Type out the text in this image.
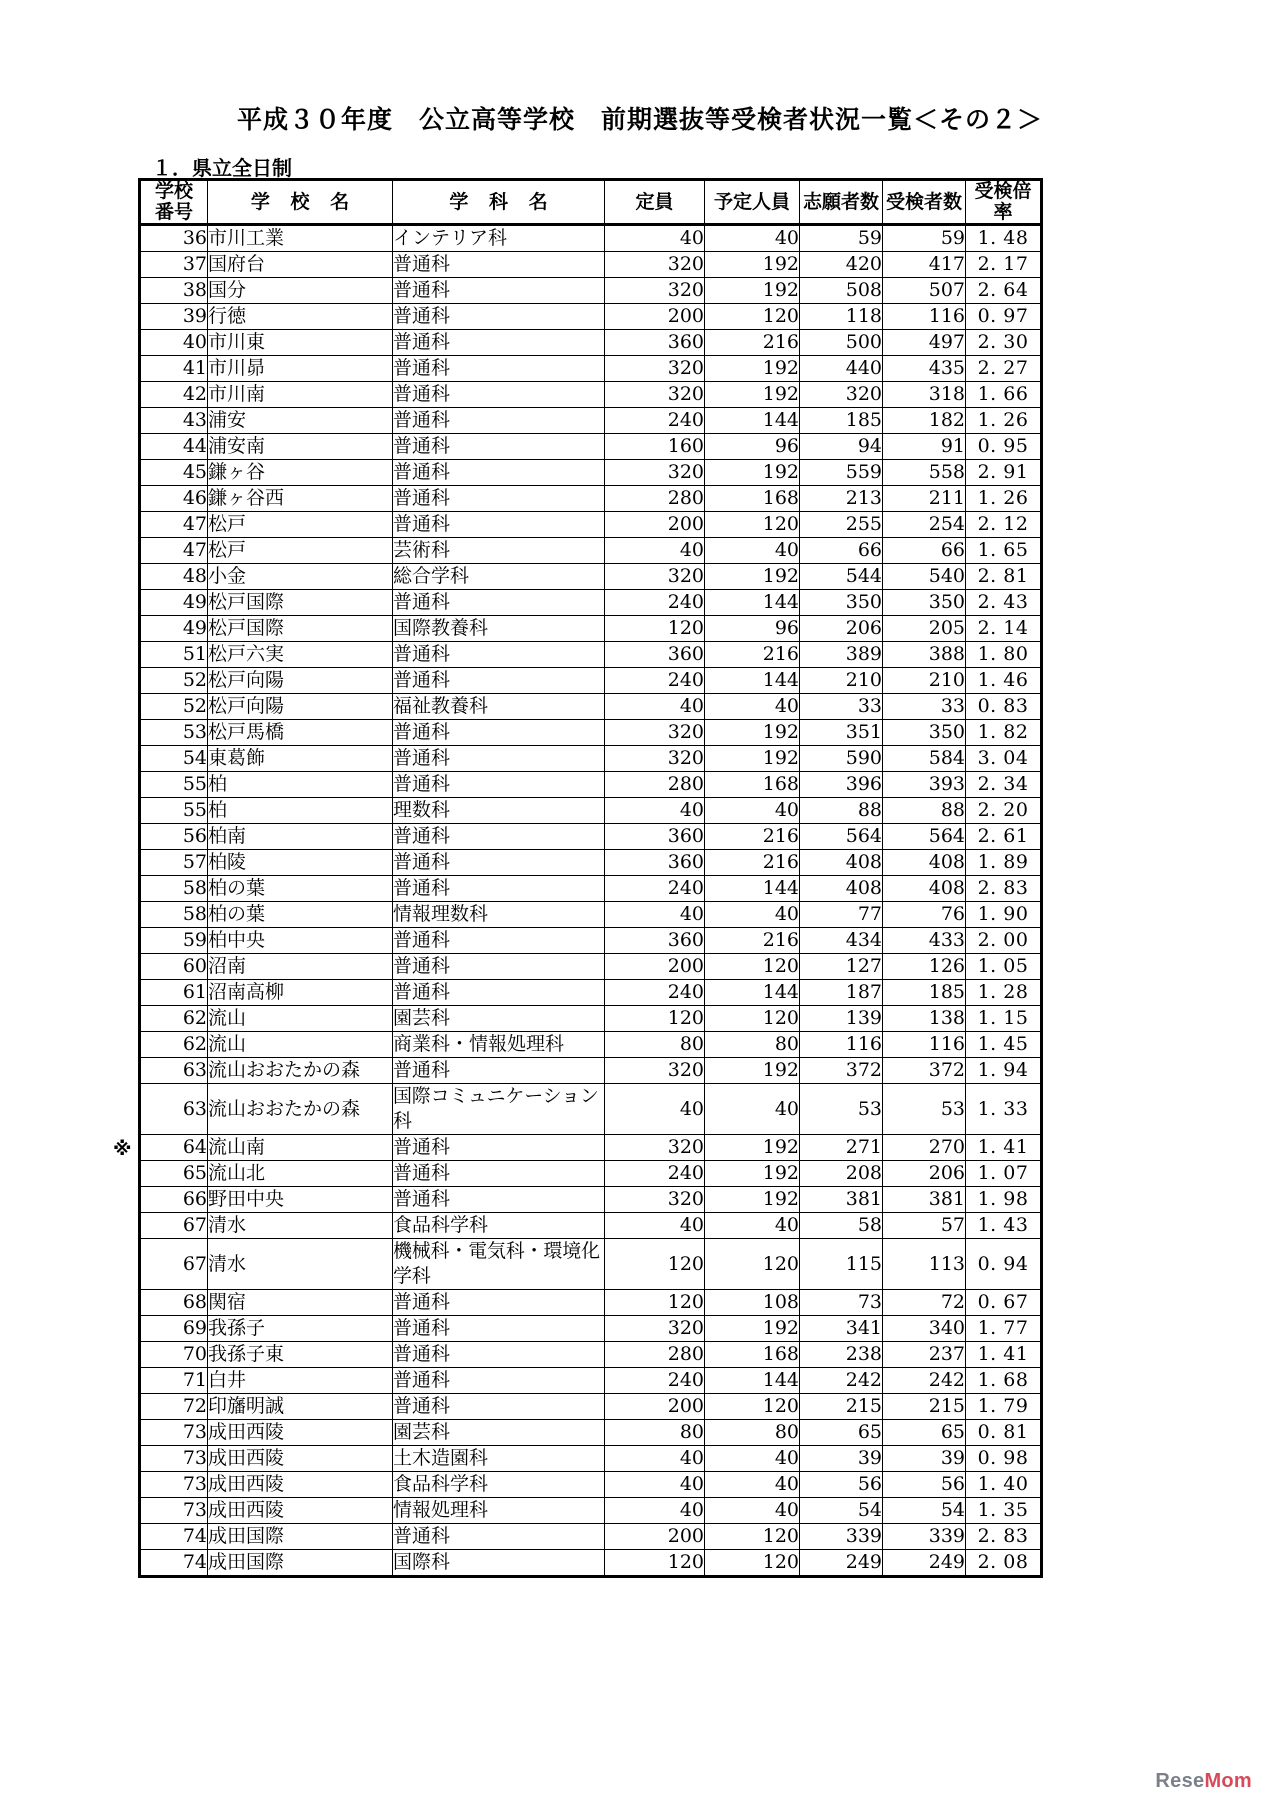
平成３０年度　公立高等学校　前期選抜等受検者状況一覧＜その２＞
１．県立全日制
※
学校
番号	学 校 名	学 科 名	定員	予定人員	志願者数	受検者数	受検倍率
36	市川工業	インテリア科	40	40	59	59	1. 48
37	国府台	普通科	320	192	420	417	2. 17
38	国分	普通科	320	192	508	507	2. 64
39	行徳	普通科	200	120	118	116	0. 97
40	市川東	普通科	360	216	500	497	2. 30
41	市川昴	普通科	320	192	440	435	2. 27
42	市川南	普通科	320	192	320	318	1. 66
43	浦安	普通科	240	144	185	182	1. 26
44	浦安南	普通科	160	96	94	91	0. 95
45	鎌ヶ谷	普通科	320	192	559	558	2. 91
46	鎌ヶ谷西	普通科	280	168	213	211	1. 26
47	松戸	普通科	200	120	255	254	2. 12
47	松戸	芸術科	40	40	66	66	1. 65
48	小金	総合学科	320	192	544	540	2. 81
49	松戸国際	普通科	240	144	350	350	2. 43
49	松戸国際	国際教養科	120	96	206	205	2. 14
51	松戸六実	普通科	360	216	389	388	1. 80
52	松戸向陽	普通科	240	144	210	210	1. 46
52	松戸向陽	福祉教養科	40	40	33	33	0. 83
53	松戸馬橋	普通科	320	192	351	350	1. 82
54	東葛飾	普通科	320	192	590	584	3. 04
55	柏	普通科	280	168	396	393	2. 34
55	柏	理数科	40	40	88	88	2. 20
56	柏南	普通科	360	216	564	564	2. 61
57	柏陵	普通科	360	216	408	408	1. 89
58	柏の葉	普通科	240	144	408	408	2. 83
58	柏の葉	情報理数科	40	40	77	76	1. 90
59	柏中央	普通科	360	216	434	433	2. 00
60	沼南	普通科	200	120	127	126	1. 05
61	沼南高柳	普通科	240	144	187	185	1. 28
62	流山	園芸科	120	120	139	138	1. 15
62	流山	商業科・情報処理科	80	80	116	116	1. 45
63	流山おおたかの森	普通科	320	192	372	372	1. 94
63	流山おおたかの森	国際コミュニケーション科	40	40	53	53	1. 33
64	流山南	普通科	320	192	271	270	1. 41
65	流山北	普通科	240	192	208	206	1. 07
66	野田中央	普通科	320	192	381	381	1. 98
67	清水	食品科学科	40	40	58	57	1. 43
67	清水	機械科・電気科・環境化学科	120	120	115	113	0. 94
68	関宿	普通科	120	108	73	72	0. 67
69	我孫子	普通科	320	192	341	340	1. 77
70	我孫子東	普通科	280	168	238	237	1. 41
71	白井	普通科	240	144	242	242	1. 68
72	印旛明誠	普通科	200	120	215	215	1. 79
73	成田西陵	園芸科	80	80	65	65	0. 81
73	成田西陵	土木造園科	40	40	39	39	0. 98
73	成田西陵	食品科学科	40	40	56	56	1. 40
73	成田西陵	情報処理科	40	40	54	54	1. 35
74	成田国際	普通科	200	120	339	339	2. 83
74	成田国際	国際科	120	120	249	249	2. 08
ReseMom
